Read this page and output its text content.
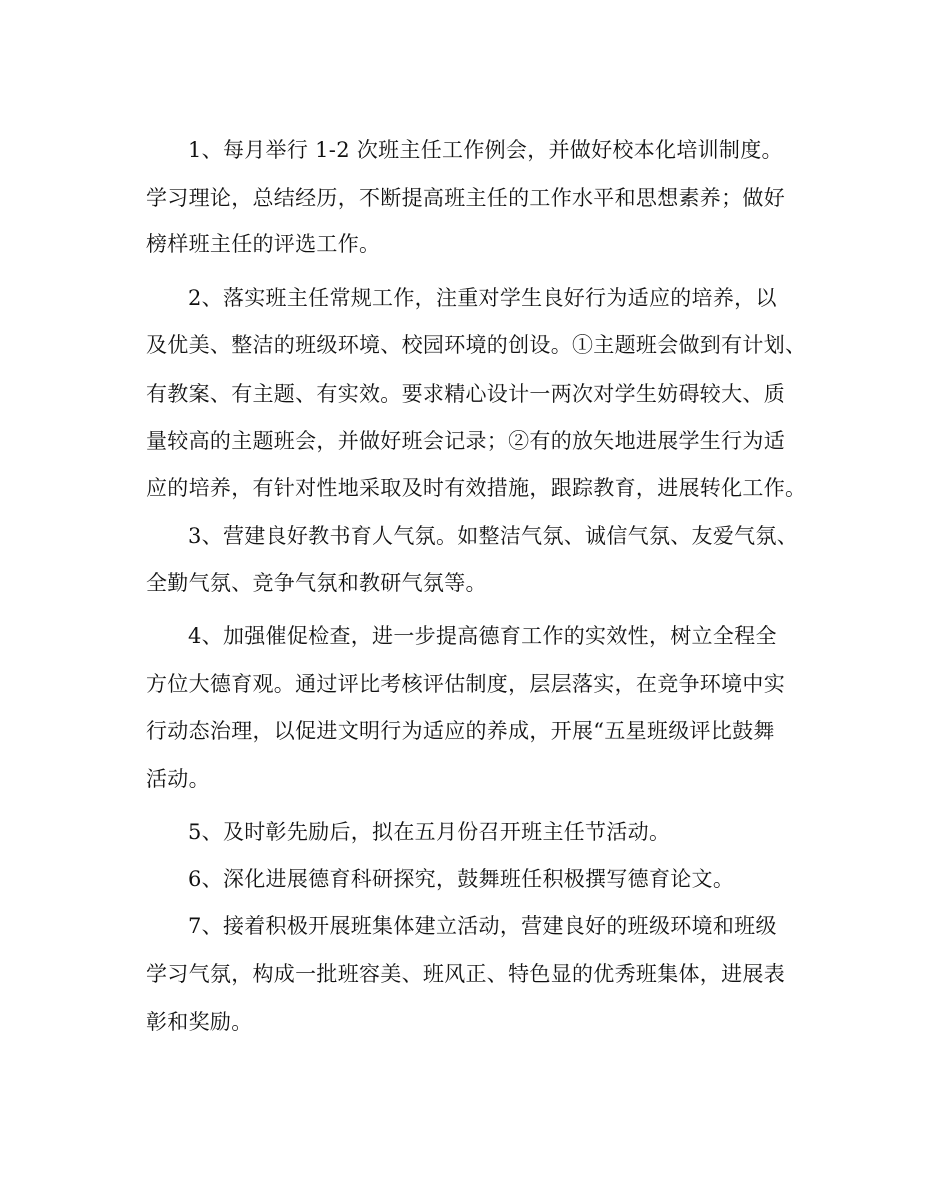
1、每月举行 1-2 次班主任工作例会，并做好校本化培训制度。
学习理论，总结经历，不断提高班主任的工作水平和思想素养；做好
榜样班主任的评选工作。
2、落实班主任常规工作，注重对学生良好行为适应的培养，以
及优美、整洁的班级环境、校园环境的创设。①主题班会做到有计划、
有教案、有主题、有实效。要求精心设计一两次对学生妨碍较大、质
量较高的主题班会，并做好班会记录；②有的放矢地进展学生行为适
应的培养，有针对性地采取及时有效措施，跟踪教育，进展转化工作。
3、营建良好教书育人气氛。如整洁气氛、诚信气氛、友爱气氛、
全勤气氛、竞争气氛和教研气氛等。
4、加强催促检查，进一步提高德育工作的实效性，树立全程全
方位大德育观。通过评比考核评估制度，层层落实，在竞争环境中实
行动态治理，以促进文明行为适应的养成，开展“五星班级评比鼓舞
活动。
5、及时彰先励后，拟在五月份召开班主任节活动。
6、深化进展德育科研探究，鼓舞班任积极撰写德育论文。
7、接着积极开展班集体建立活动，营建良好的班级环境和班级
学习气氛，构成一批班容美、班风正、特色显的优秀班集体，进展表
彰和奖励。
